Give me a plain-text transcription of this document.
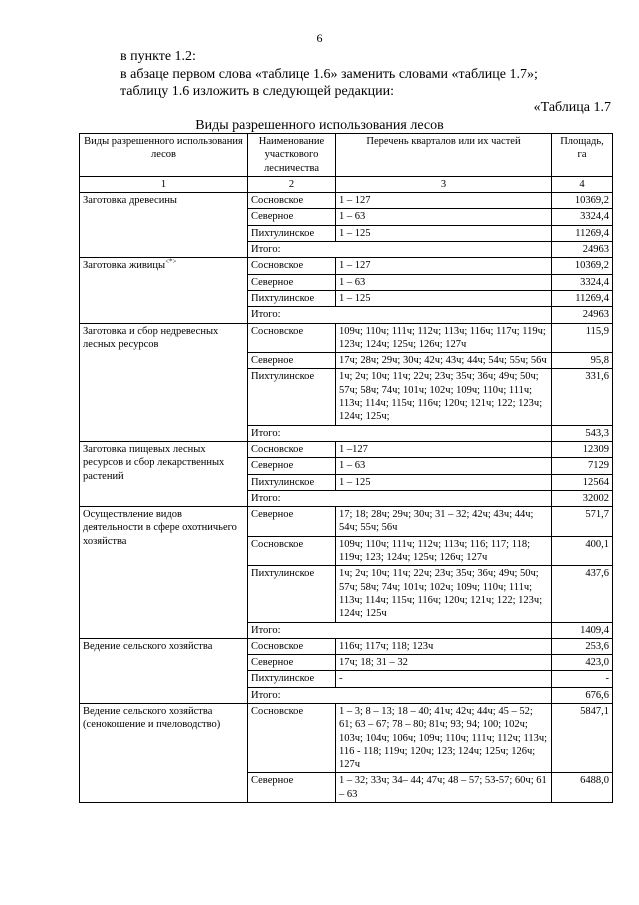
6
в пункте 1.2:
в абзаце первом слова «таблице 1.6» заменить словами «таблице 1.7»;
таблицу 1.6 изложить в следующей редакции:
«Таблица 1.7
Виды разрешенного использования лесов
Виды разрешенного использования лесов	Наименование участкового лесничества	Перечень кварталов или их частей	Площадь, га
1	2	3	4
Заготовка древесины	Сосновское	1 – 127	10369,2
	Северное	1 – 63	3324,4
	Пихтулинское	1 – 125	11269,4
	Итого:		24963
Заготовка живицы<*>	Сосновское	1 – 127	10369,2
	Северное	1 – 63	3324,4
	Пихтулинское	1 – 125	11269,4
	Итого:		24963
Заготовка и сбор недревесных лесных ресурсов	Сосновское	109ч; 110ч; 111ч; 112ч; 113ч; 116ч; 117ч; 119ч; 123ч; 124ч; 125ч; 126ч; 127ч	115,9
	Северное	17ч; 28ч; 29ч; 30ч; 42ч; 43ч; 44ч; 54ч; 55ч; 56ч	95,8
	Пихтулинское	1ч; 2ч; 10ч; 11ч; 22ч; 23ч; 35ч; 36ч; 49ч; 50ч; 57ч; 58ч; 74ч; 101ч; 102ч; 109ч; 110ч; 111ч; 113ч; 114ч; 115ч; 116ч; 120ч; 121ч; 122; 123ч; 124ч; 125ч;	331,6
	Итого:		543,3
Заготовка пищевых лесных ресурсов и сбор лекарственных растений	Сосновское	1 –127	12309
	Северное	1 – 63	7129
	Пихтулинское	1 – 125	12564
	Итого:		32002
Осуществление видов деятельности в сфере охотничьего хозяйства	Северное	17; 18; 28ч; 29ч; 30ч; 31 – 32; 42ч; 43ч; 44ч; 54ч; 55ч; 56ч	571,7
	Сосновское	109ч; 110ч; 111ч; 112ч; 113ч; 116; 117; 118; 119ч; 123; 124ч; 125ч; 126ч; 127ч	400,1
	Пихтулинское	1ч; 2ч; 10ч; 11ч; 22ч; 23ч; 35ч; 36ч; 49ч; 50ч; 57ч; 58ч; 74ч; 101ч; 102ч; 109ч; 110ч; 111ч; 113ч; 114ч; 115ч; 116ч; 120ч; 121ч; 122; 123ч; 124ч; 125ч	437,6
	Итого:		1409,4
Ведение сельского хозяйства	Сосновское	116ч; 117ч; 118; 123ч	253,6
	Северное	17ч; 18; 31 – 32	423,0
	Пихтулинское	-	-
	Итого:		676,6
Ведение сельского хозяйства (сенокошение и пчеловодство)	Сосновское	1 – 3; 8 – 13; 18 – 40; 41ч; 42ч; 44ч; 45 – 52; 61; 63 – 67; 78 – 80; 81ч; 93; 94; 100; 102ч; 103ч; 104ч; 106ч; 109ч; 110ч; 111ч; 112ч; 113ч; 116 - 118; 119ч; 120ч; 123; 124ч; 125ч; 126ч; 127ч	5847,1
	Северное	1 – 32; 33ч; 34– 44; 47ч; 48 – 57; 53-57; 60ч; 61 – 63	6488,0
